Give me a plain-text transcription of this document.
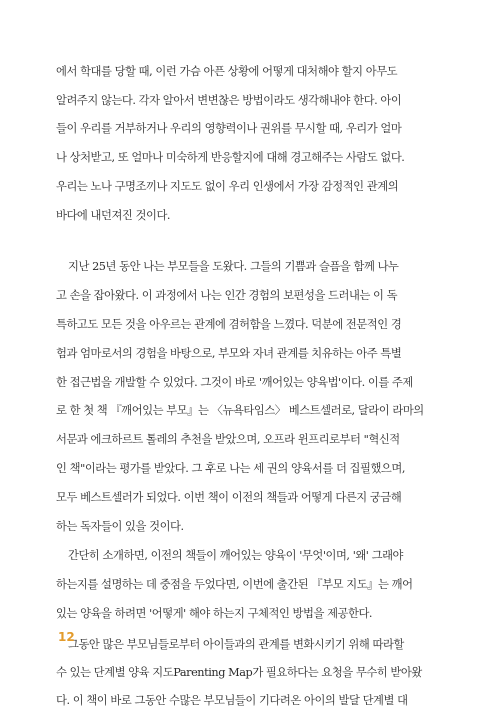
에서 학대를 당할 때, 이런 가슴 아픈 상황에 어떻게 대처해야 할지 아무도
알려주지 않는다. 각자 알아서 변변찮은 방법이라도 생각해내야 한다. 아이
들이 우리를 거부하거나 우리의 영향력이나 권위를 무시할 때, 우리가 얼마
나 상처받고, 또 얼마나 미숙하게 반응할지에 대해 경고해주는 사람도 없다.
우리는 노나 구명조끼나 지도도 없이 우리 인생에서 가장 감정적인 관계의
바다에 내던져진 것이다.
지난 25년 동안 나는 부모들을 도왔다. 그들의 기쁨과 슬픔을 함께 나누
고 손을 잡아왔다. 이 과정에서 나는 인간 경험의 보편성을 드러내는 이 독
특하고도 모든 것을 아우르는 관계에 겸허함을 느꼈다. 덕분에 전문적인 경
험과 엄마로서의 경험을 바탕으로, 부모와 자녀 관계를 치유하는 아주 특별
한 접근법을 개발할 수 있었다. 그것이 바로 '깨어있는 양육법'이다. 이를 주제
로 한 첫 책 『깨어있는 부모』는 〈뉴욕타임스〉 베스트셀러로, 달라이 라마의
서문과 에크하르트 톨레의 추천을 받았으며, 오프라 윈프리로부터 "혁신적
인 책"이라는 평가를 받았다. 그 후로 나는 세 권의 양육서를 더 집필했으며,
모두 베스트셀러가 되었다. 이번 책이 이전의 책들과 어떻게 다른지 궁금해
하는 독자들이 있을 것이다.
간단히 소개하면, 이전의 책들이 깨어있는 양육이 '무엇'이며, '왜' 그래야
하는지를 설명하는 데 중점을 두었다면, 이번에 출간된 『부모 지도』는 깨어
있는 양육을 하려면 '어떻게' 해야 하는지 구체적인 방법을 제공한다.
그동안 많은 부모님들로부터 아이들과의 관계를 변화시키기 위해 따라할
수 있는 단계별 양육 지도Parenting Map가 필요하다는 요청을 무수히 받아왔
다. 이 책이 바로 그동안 수많은 부모님들이 기다려온 아이의 발달 단계별 대
12
